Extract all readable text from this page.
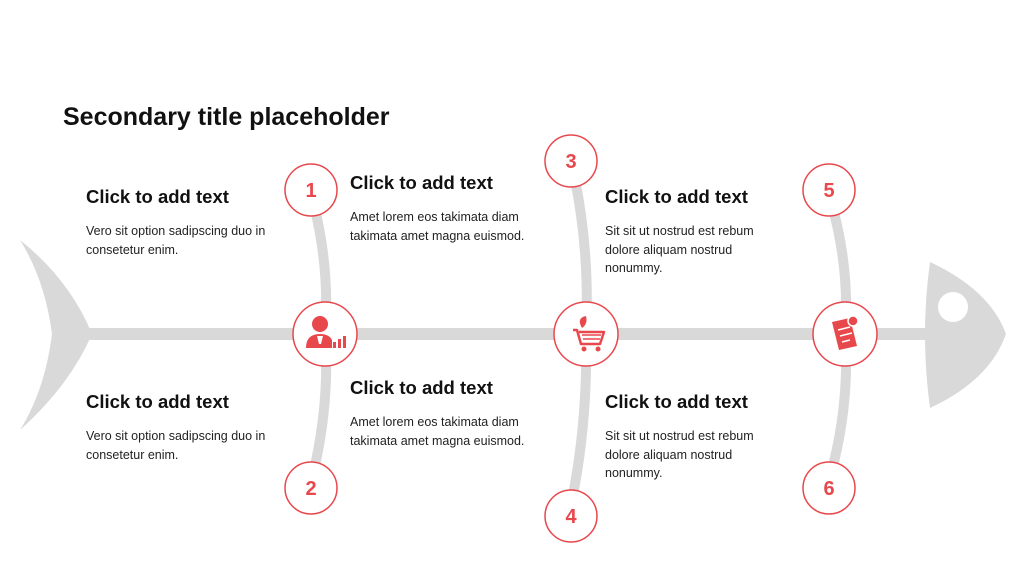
1
2
3
4
5
6
Secondary title placeholder
Click to add text
Vero sit option sadipscing duo in consetetur enim.
Click to add text
Vero sit option sadipscing duo in consetetur enim.
Click to add text
Amet lorem eos takimata diam takimata amet magna euismod.
Click to add text
Amet lorem eos takimata diam takimata amet magna euismod.
Click to add text
Sit sit ut nostrud est rebum dolore aliquam nostrud nonummy.
Click to add text
Sit sit ut nostrud est rebum dolore aliquam nostrud nonummy.
